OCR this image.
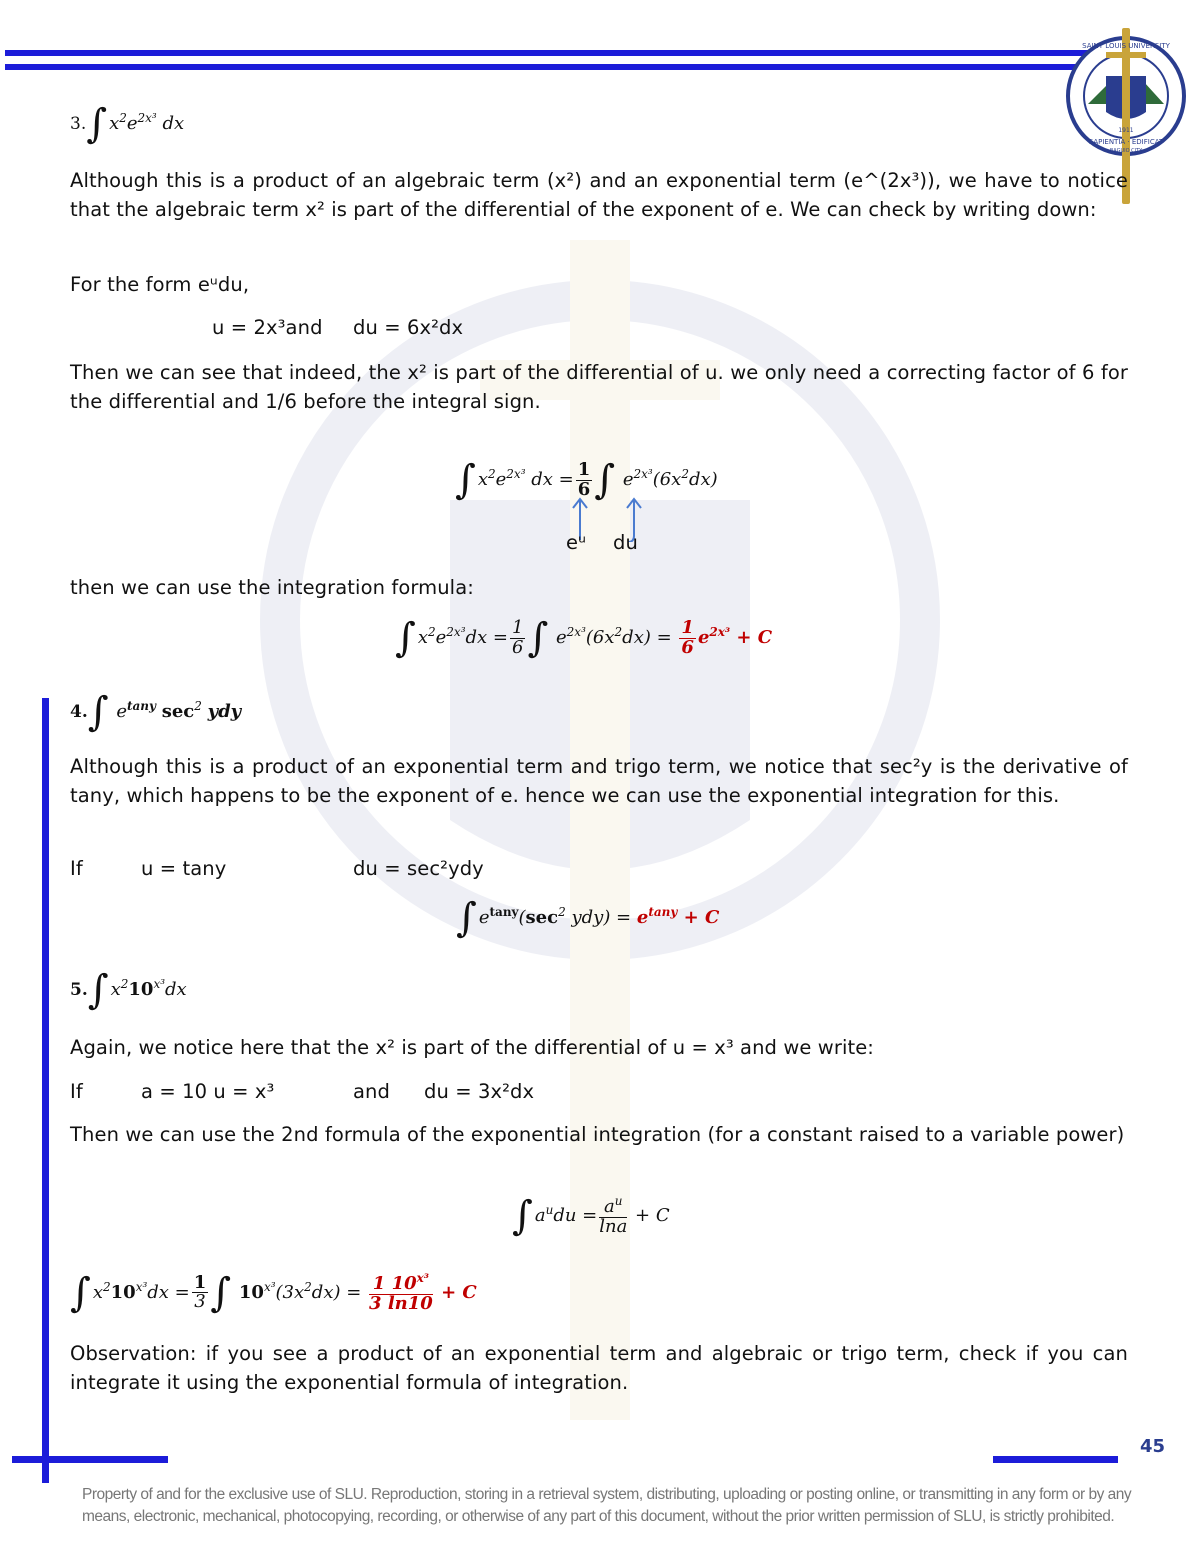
SAINT LOUIS UNIVERSITY
SAPIENTIA · EDIFICAT
1911
BAGUIO CITY
3.∫ $x^2e^{2x^3}$ dx

Although this is a product of an algebraic term (x²) and an exponential term (e^(2x³)), we have to notice that the algebraic term x² is part of the differential of the exponent of e. We can check by writing down:

For the form eᵘdu,

u = 2x³and du = 6x²dx

Then we can see that indeed, the x² is part of the differential of u. we only need a correcting factor of 6 for the differential and 1/6 before the integral sign.

∫ $x^2e^{2x^3}$ dx = $\frac{1}{6}$ ∫ $e^{2x^3}(6x^2dx)$
eᵘ du

then we can use the integration formula:

∫ $x^2e^{2x^3}dx = \frac{1}{6}$ ∫ $e^{2x^3}(6x^2dx) = \frac{1}{6} e^{2x^3} + C$
4.∫ $e^{tany}$ $\sec^2$ ydy

Although this is a product of an exponential term and trigo term, we notice that sec²y is the derivative of tany, which happens to be the exponent of e. hence we can use the exponential integration for this.

If	u = tany	du = sec²ydy

∫ $e^{tany}(\sec^2$ $ydy) = e^{tany} + C$
5.∫ $x^210^{x^3}dx$

Again, we notice here that the x² is part of the differential of u = x³ and we write:

If	a = 10 u = x³	and du = 3x²dx

Then we can use the 2nd formula of the exponential integration (for a constant raised to a variable power)

∫ $a^udu = \frac{a^u}{\ln a} + C$
∫ $x^210^{x^3}dx = \frac{1}{3}$ ∫ $10^{x^3}(3x^2dx) = \frac{1 10^{x^3}}{3 \ln 10} + C$

Observation: if you see a product of an exponential term and algebraic or trigo term, check if you can integrate it using the exponential formula of integration.

45

Property of and for the exclusive use of SLU. Reproduction, storing in a retrieval system, distributing, uploading or posting online, or transmitting in any form or by any means, electronic, mechanical, photocopying, recording, or otherwise of any part of this document, without the prior written permission of SLU, is strictly prohibited.
